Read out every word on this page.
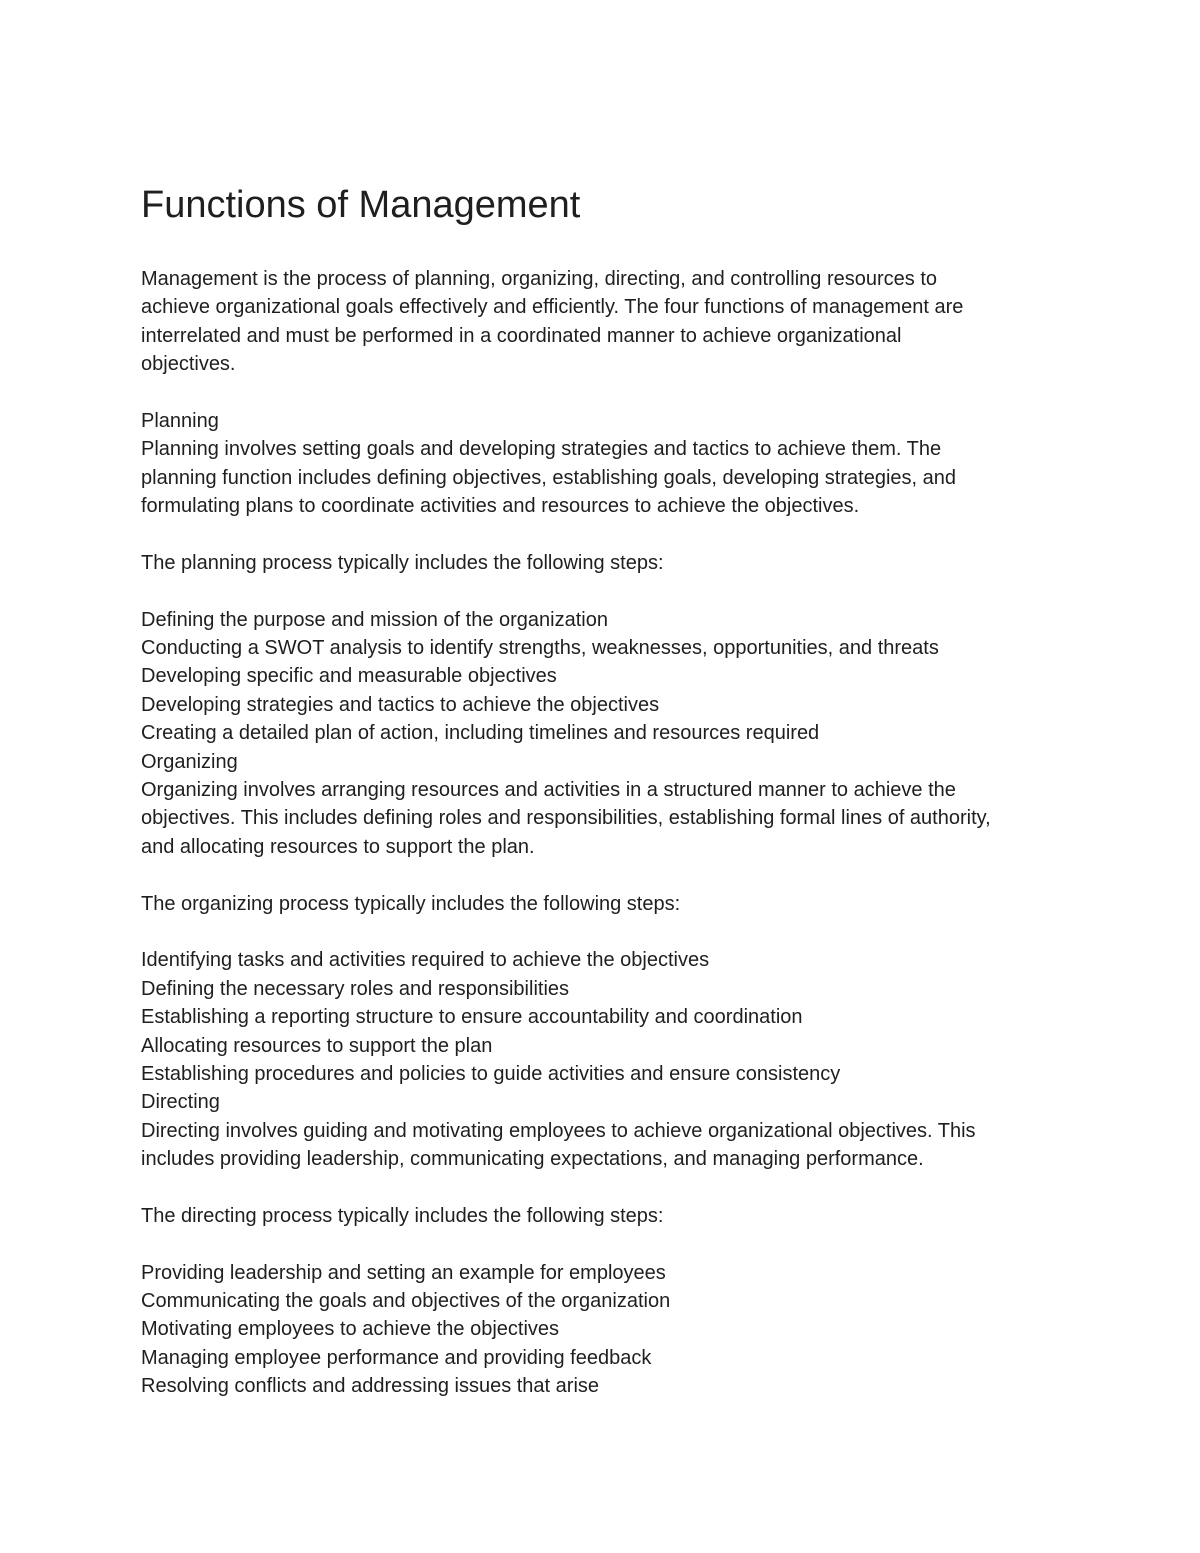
Functions of Management
Management is the process of planning, organizing, directing, and controlling resources to
achieve organizational goals effectively and efficiently. The four functions of management are
interrelated and must be performed in a coordinated manner to achieve organizational
objectives.
Planning
Planning involves setting goals and developing strategies and tactics to achieve them. The
planning function includes defining objectives, establishing goals, developing strategies, and
formulating plans to coordinate activities and resources to achieve the objectives.
The planning process typically includes the following steps:
Defining the purpose and mission of the organization
Conducting a SWOT analysis to identify strengths, weaknesses, opportunities, and threats
Developing specific and measurable objectives
Developing strategies and tactics to achieve the objectives
Creating a detailed plan of action, including timelines and resources required
Organizing
Organizing involves arranging resources and activities in a structured manner to achieve the
objectives. This includes defining roles and responsibilities, establishing formal lines of authority,
and allocating resources to support the plan.
The organizing process typically includes the following steps:
Identifying tasks and activities required to achieve the objectives
Defining the necessary roles and responsibilities
Establishing a reporting structure to ensure accountability and coordination
Allocating resources to support the plan
Establishing procedures and policies to guide activities and ensure consistency
Directing
Directing involves guiding and motivating employees to achieve organizational objectives. This
includes providing leadership, communicating expectations, and managing performance.
The directing process typically includes the following steps:
Providing leadership and setting an example for employees
Communicating the goals and objectives of the organization
Motivating employees to achieve the objectives
Managing employee performance and providing feedback
Resolving conflicts and addressing issues that arise
